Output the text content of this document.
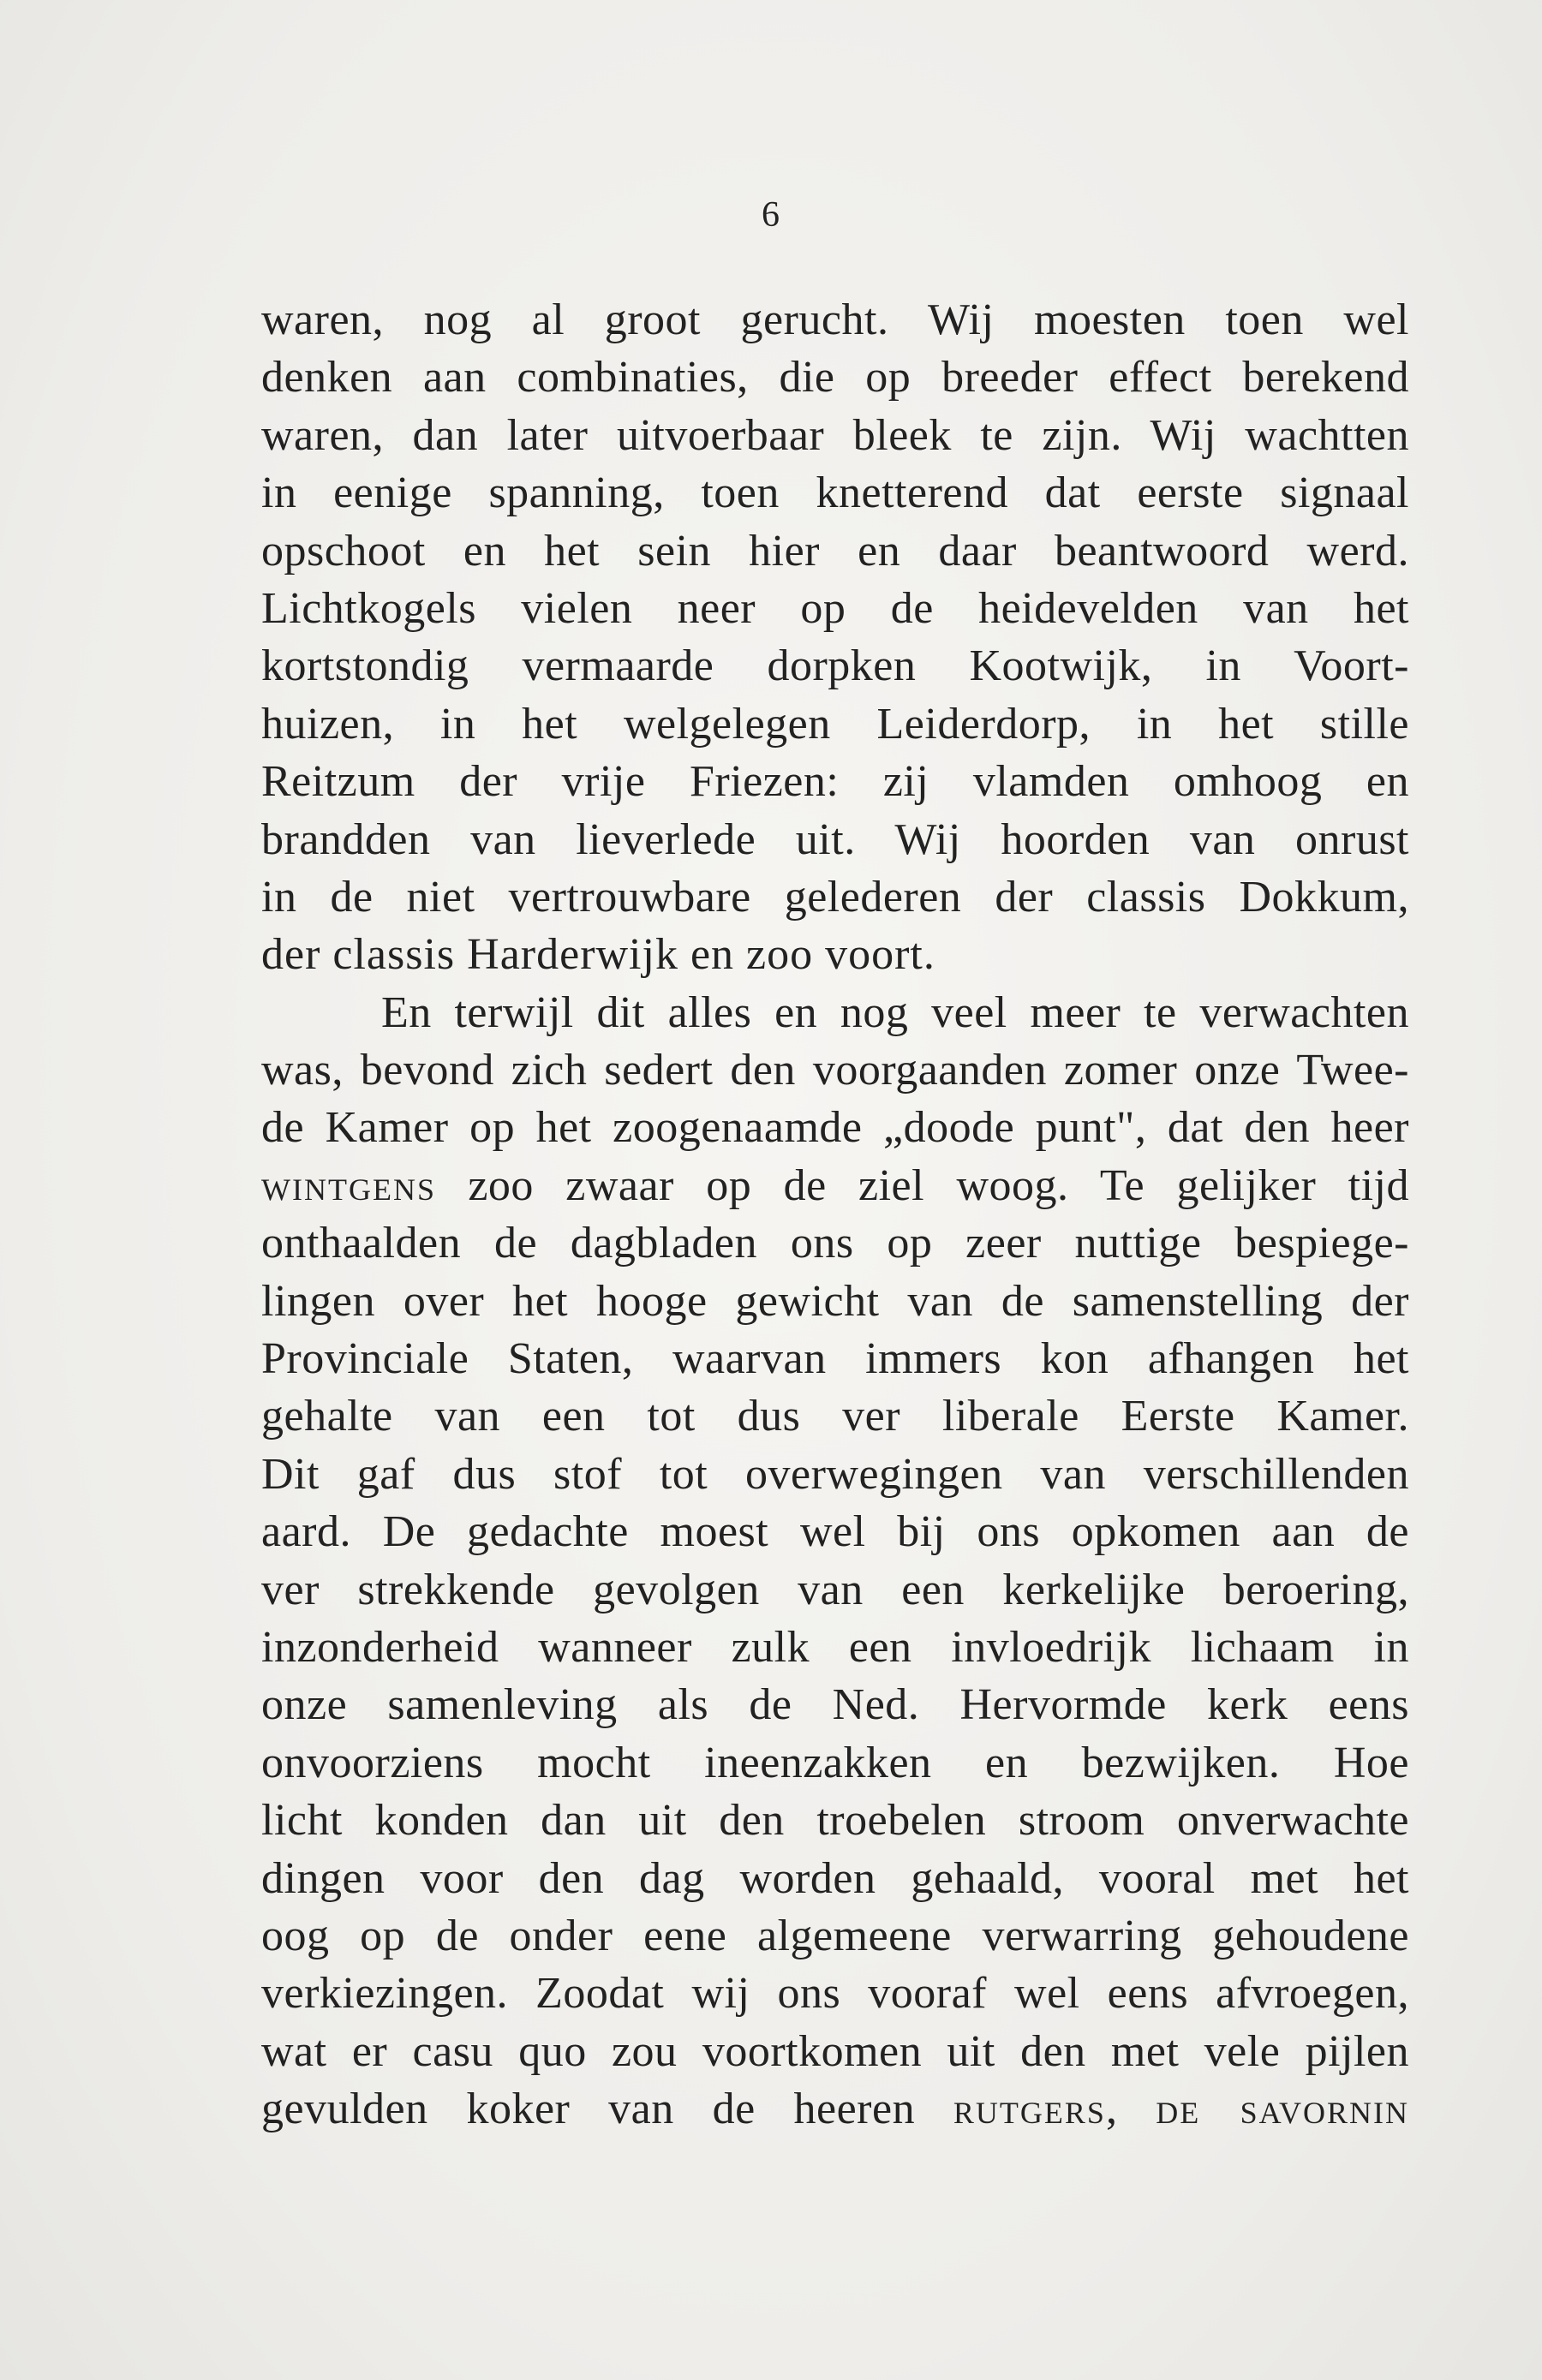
6
waren, nog al groot gerucht. Wij moesten toen wel
denken aan combinaties, die op breeder effect berekend
waren, dan later uitvoerbaar bleek te zijn. Wij wachtten
in eenige spanning, toen knetterend dat eerste signaal
opschoot en het sein hier en daar beantwoord werd.
Lichtkogels vielen neer op de heidevelden van het
kortstondig vermaarde dorpken Kootwijk, in Voort-
huizen, in het welgelegen Leiderdorp, in het stille
Reitzum der vrije Friezen: zij vlamden omhoog en
brandden van lieverlede uit. Wij hoorden van onrust
in de niet vertrouwbare gelederen der classis Dokkum,
der classis Harderwijk en zoo voort.
En terwijl dit alles en nog veel meer te verwachten
was, bevond zich sedert den voorgaanden zomer onze Twee-
de Kamer op het zoogenaamde „doode punt", dat den heer
wintgens zoo zwaar op de ziel woog. Te gelijker tijd
onthaalden de dagbladen ons op zeer nuttige bespiege-
lingen over het hooge gewicht van de samenstelling der
Provinciale Staten, waarvan immers kon afhangen het
gehalte van een tot dus ver liberale Eerste Kamer.
Dit gaf dus stof tot overwegingen van verschillenden
aard. De gedachte moest wel bij ons opkomen aan de
ver strekkende gevolgen van een kerkelijke beroering,
inzonderheid wanneer zulk een invloedrijk lichaam in
onze samenleving als de Ned. Hervormde kerk eens
onvoorziens mocht ineenzakken en bezwijken. Hoe
licht konden dan uit den troebelen stroom onverwachte
dingen voor den dag worden gehaald, vooral met het
oog op de onder eene algemeene verwarring gehoudene
verkiezingen. Zoodat wij ons vooraf wel eens afvroegen,
wat er casu quo zou voortkomen uit den met vele pijlen
gevulden koker van de heeren rutgers, de savornin
